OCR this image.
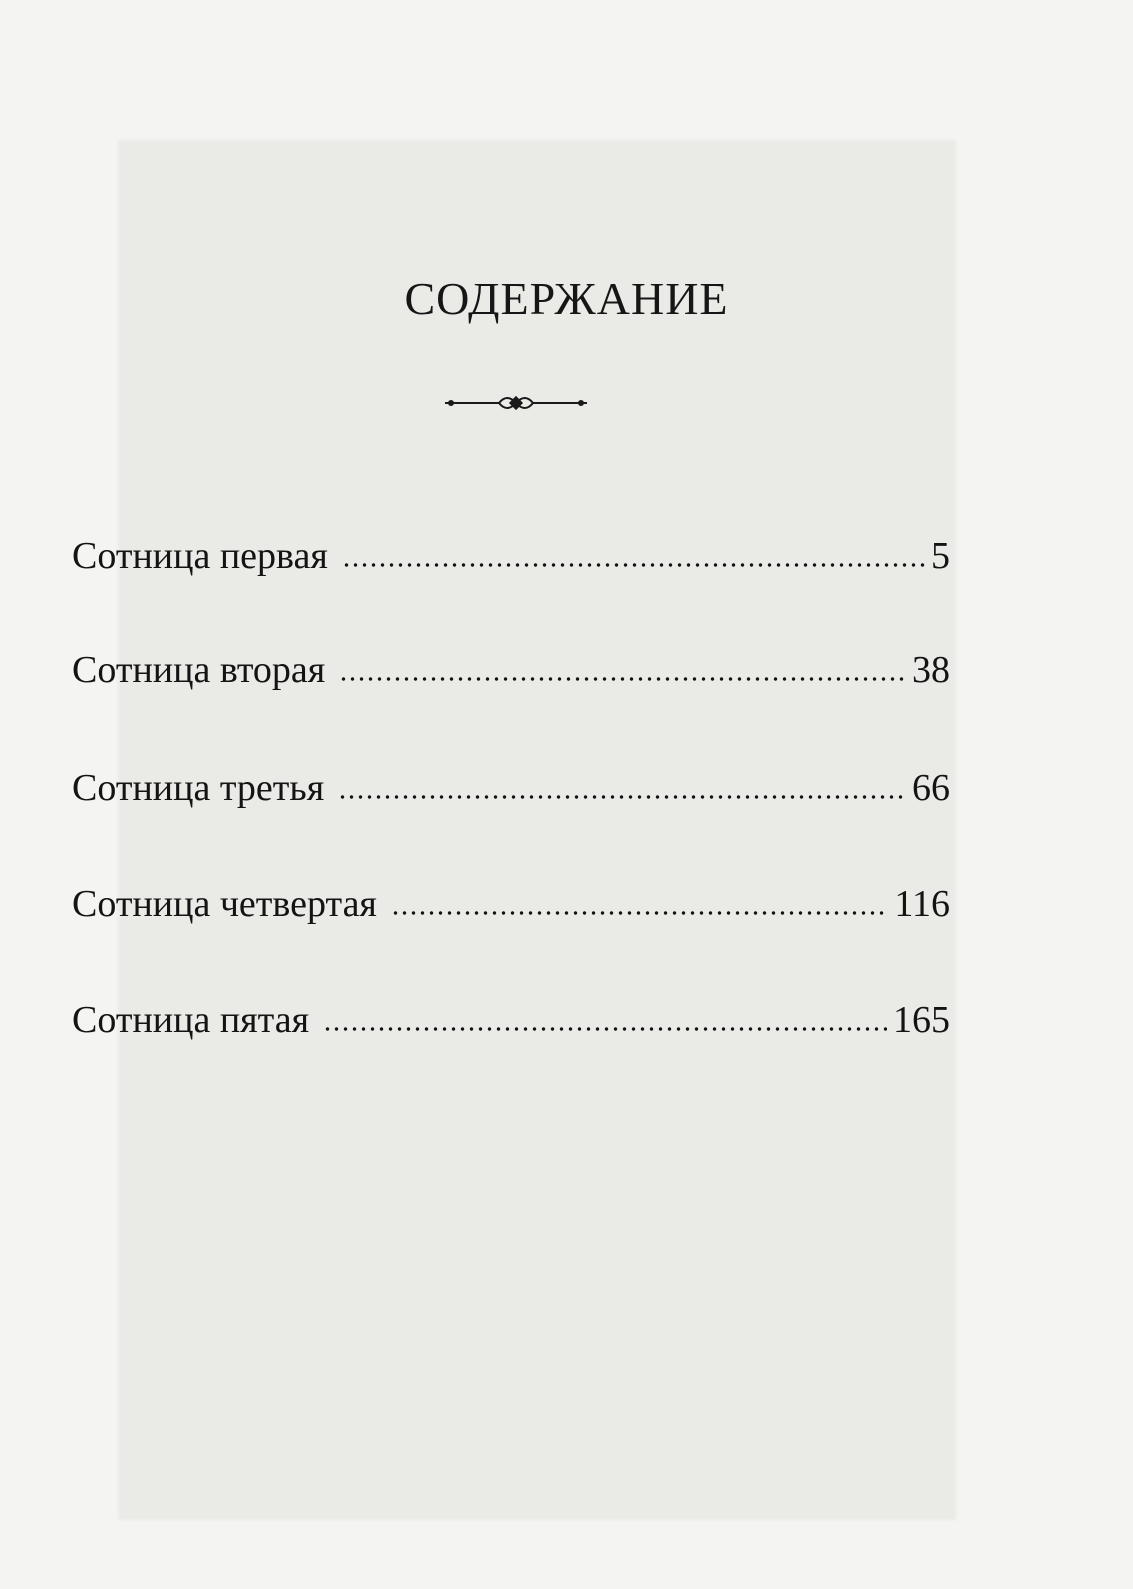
СОДЕРЖАНИЕ
Сотница первая	5
Сотница вторая	38
Сотница третья	66
Сотница четвертая	116
Сотница пятая	165
